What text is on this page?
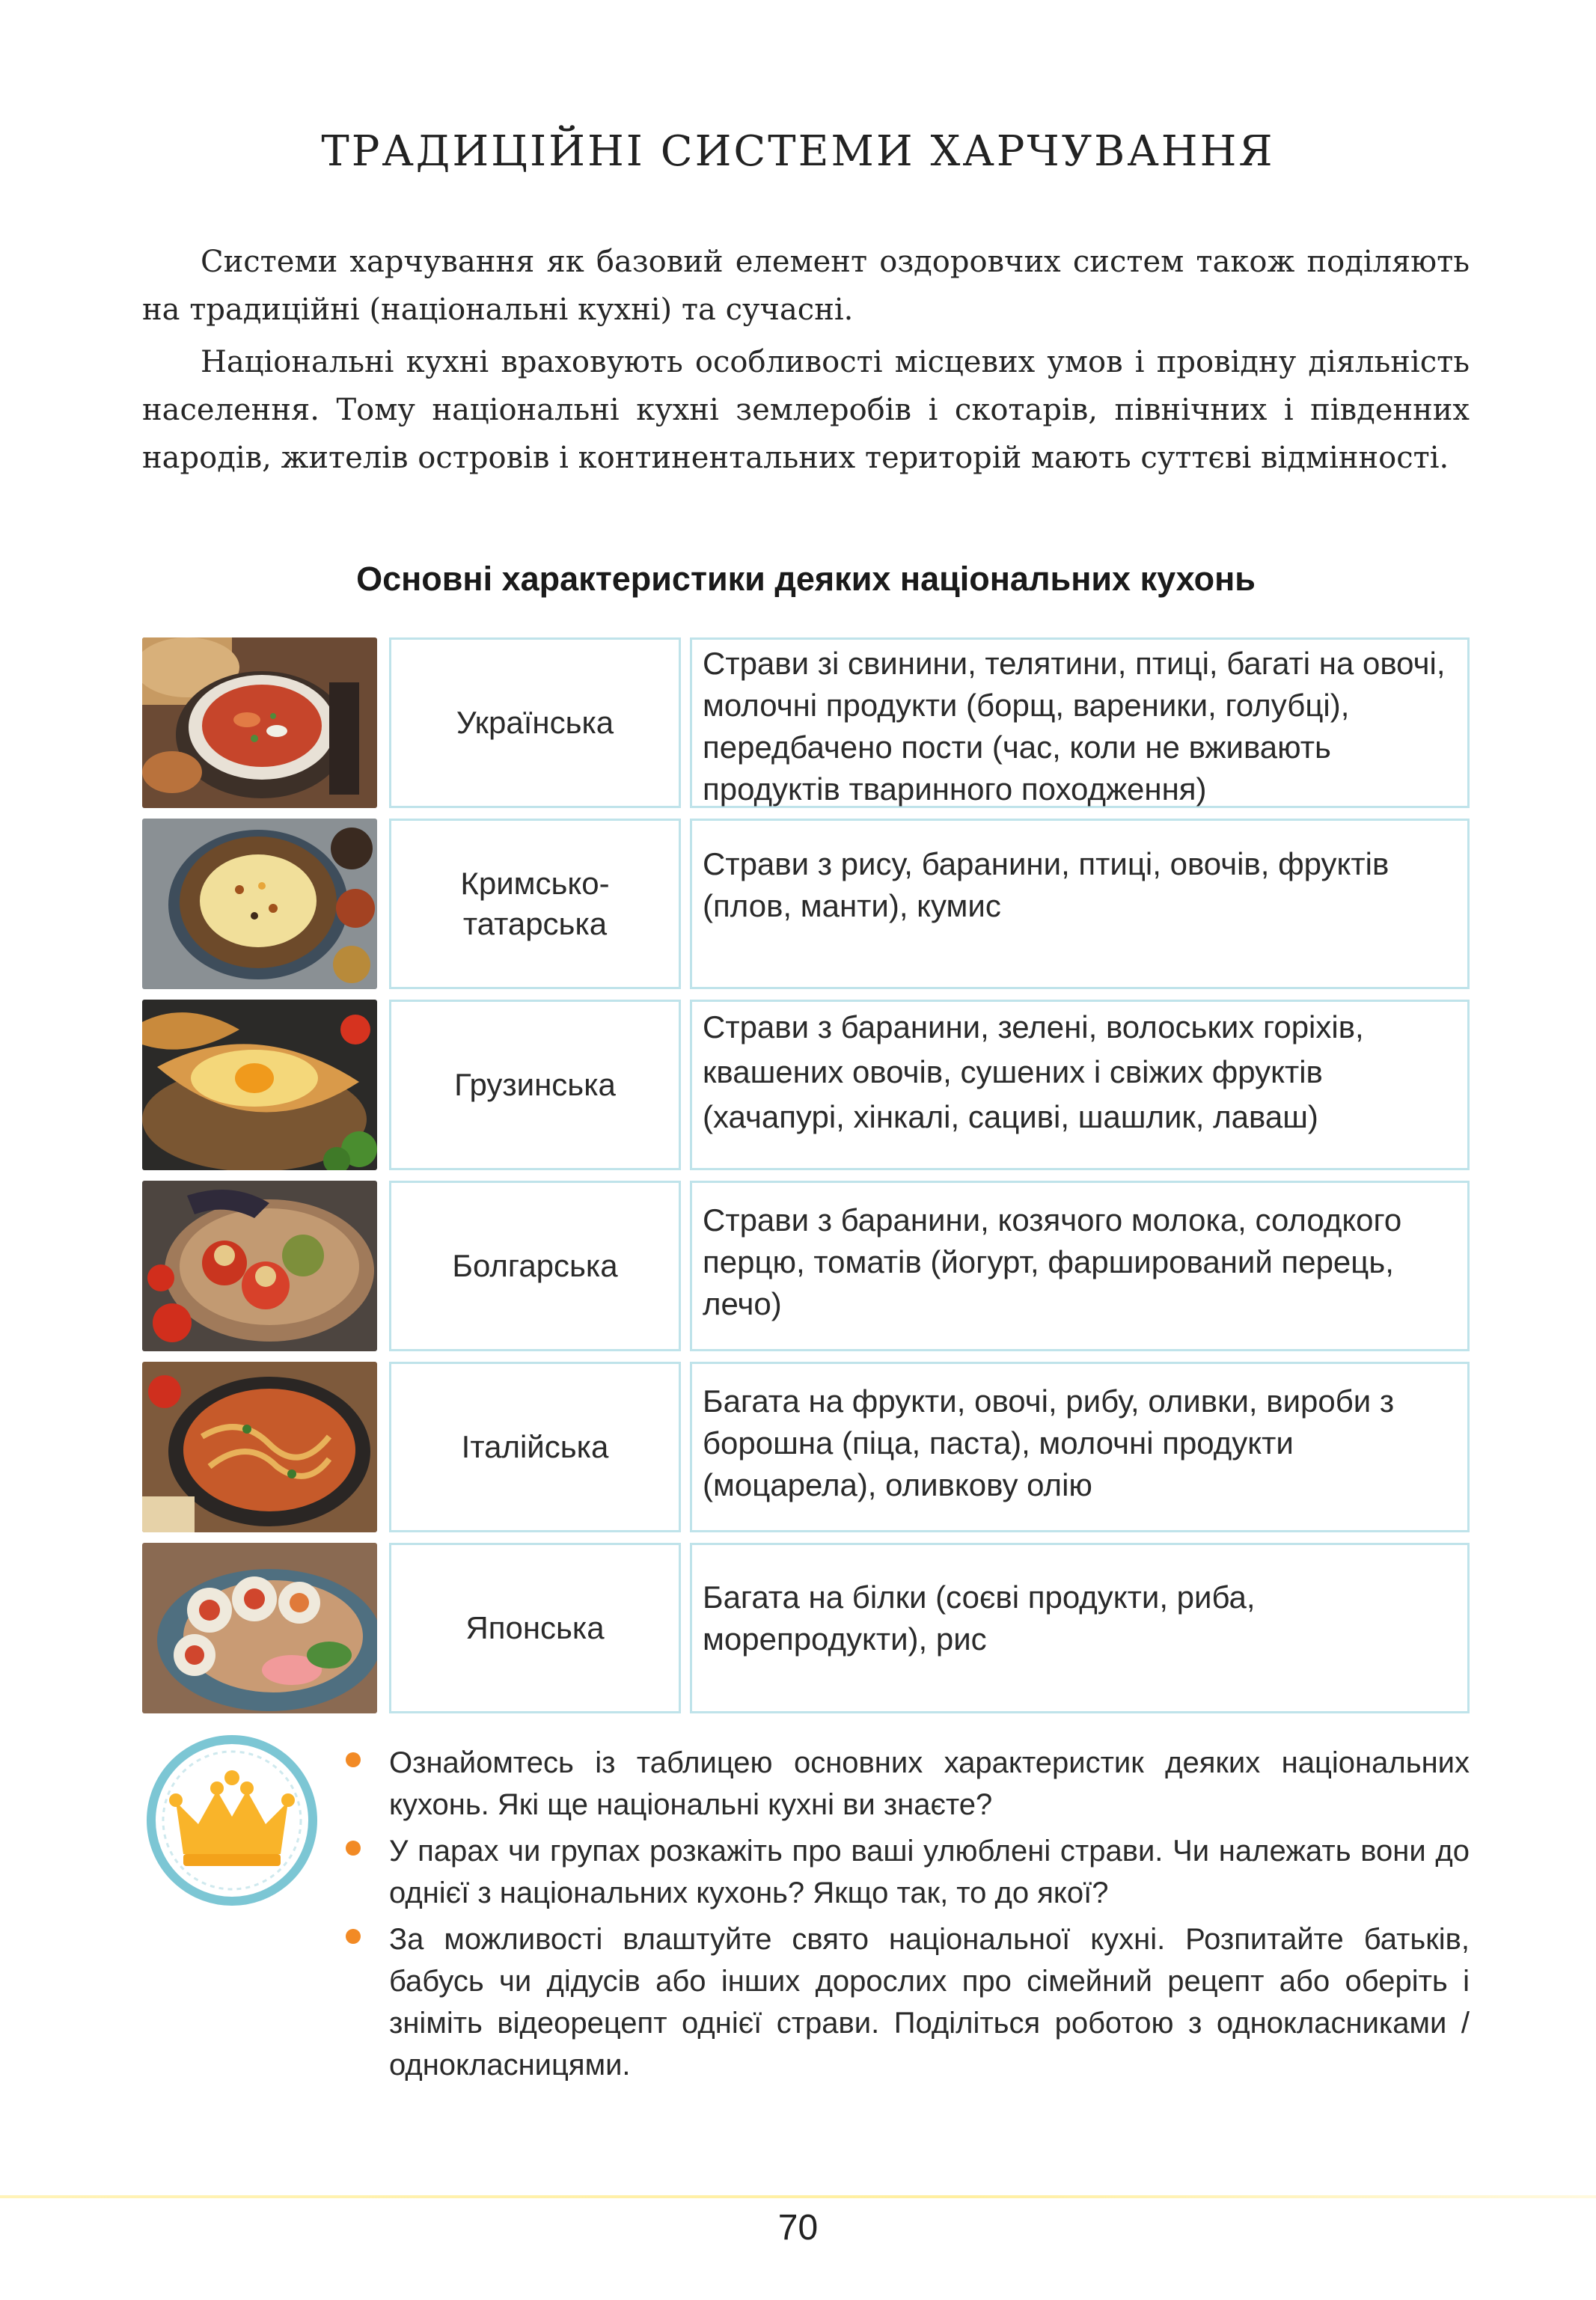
ТРАДИЦІЙНІ СИСТЕМИ ХАРЧУВАННЯ

Системи харчування як базовий елемент оздоровчих систем також поділяють на традиційні (національні кухні) та сучасні.

Національні кухні враховують особливості місцевих умов і провідну діяльність населення. Тому національні кухні землеробів і скотарів, північних і південних народів, жителів островів і континентальних територій мають суттєві відмінності.

Основні характеристики деяких національних кухонь
Українська
Страви зі свинини, телятини, птиці, багаті на овочі, молочні продукти (борщ, вареники, голубці), передбачено пости (час, коли не вживають продуктів тваринного походження)
Кримсько-татарська
Страви з рису, баранини, птиці, овочів, фруктів (плов, манти), кумис
Грузинська
Страви з баранини, зелені, волоських горіхів, квашених овочів, сушених і свіжих фруктів (хачапурі, хінкалі, сациві, шашлик, лаваш)
Болгарська
Страви з баранини, козячого молока, солодкого перцю, томатів (йогурт, фарширований перець, лечо)
Італійська
Багата на фрукти, овочі, рибу, оливки, вироби з борошна (піца, паста), молочні продукти (моцарела), оливкову олію
Японська
Багата на білки (соєві продукти, риба, морепродукти), рис
Ознайомтесь із таблицею основних характеристик деяких національних кухонь. Які ще національні кухні ви знаєте?
У парах чи групах розкажіть про ваші улюблені страви. Чи належать вони до однієї з національних кухонь? Якщо так, то до якої?
За можливості влаштуйте свято національної кухні. Розпитайте батьків, бабусь чи дідусів або інших дорослих про сімейний рецепт або оберіть і зніміть відеорецепт однієї страви. Поділіться роботою з однокласниками / однокласницями.
70
